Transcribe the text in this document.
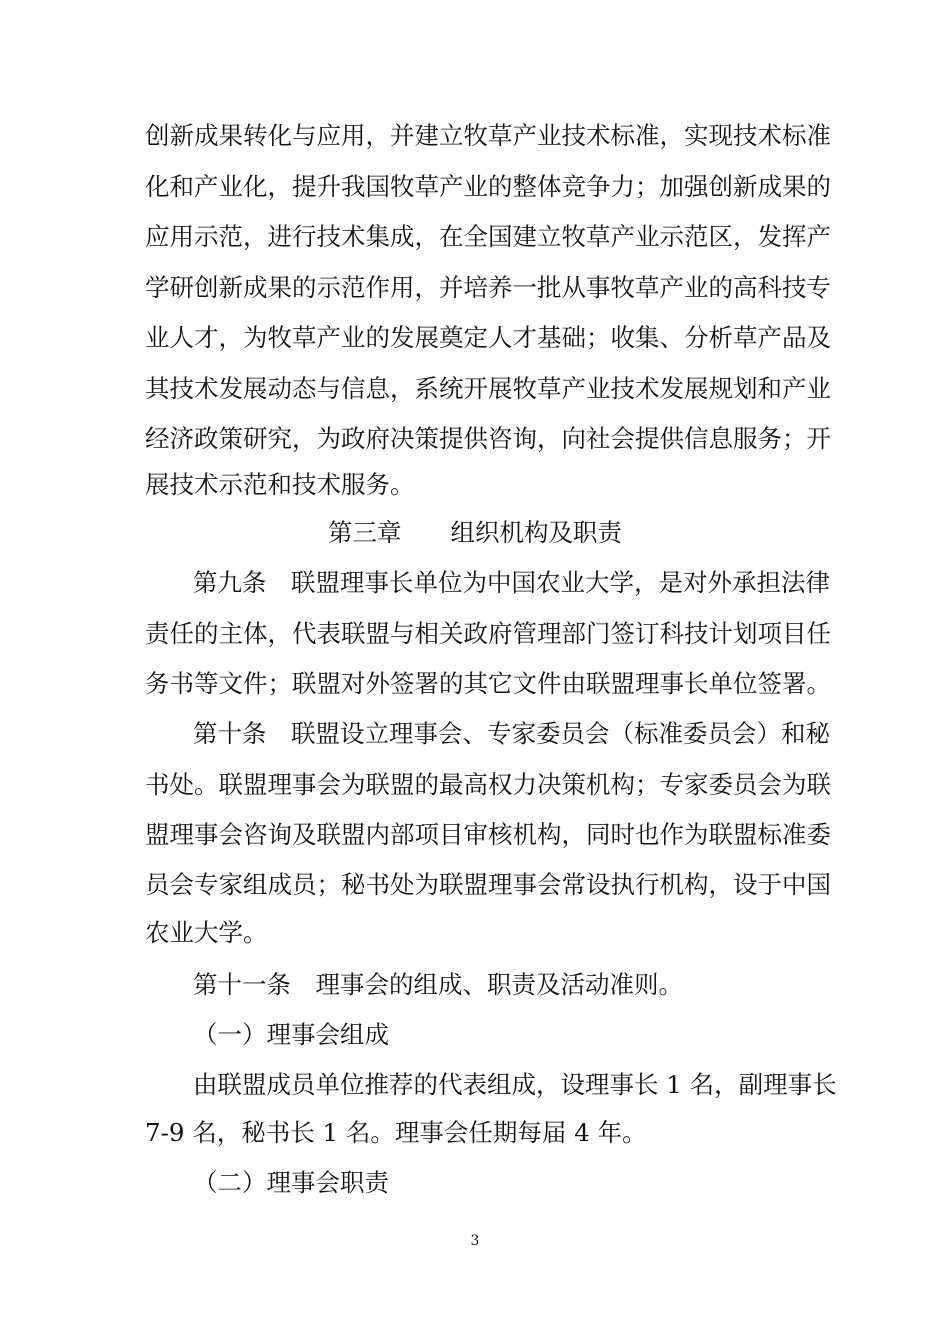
创新成果转化与应用，并建立牧草产业技术标准，实现技术标准
化和产业化，提升我国牧草产业的整体竞争力；加强创新成果的
应用示范，进行技术集成，在全国建立牧草产业示范区，发挥产
学研创新成果的示范作用，并培养一批从事牧草产业的高科技专
业人才，为牧草产业的发展奠定人才基础；收集、分析草产品及
其技术发展动态与信息，系统开展牧草产业技术发展规划和产业
经济政策研究，为政府决策提供咨询，向社会提供信息服务；开
展技术示范和技术服务。
第三章　　组织机构及职责
第九条　联盟理事长单位为中国农业大学，是对外承担法律
责任的主体，代表联盟与相关政府管理部门签订科技计划项目任
务书等文件；联盟对外签署的其它文件由联盟理事长单位签署。
第十条　联盟设立理事会、专家委员会（标准委员会）和秘
书处。联盟理事会为联盟的最高权力决策机构；专家委员会为联
盟理事会咨询及联盟内部项目审核机构，同时也作为联盟标准委
员会专家组成员；秘书处为联盟理事会常设执行机构，设于中国
农业大学。
第十一条　理事会的组成、职责及活动准则。
（一）理事会组成
由联盟成员单位推荐的代表组成，设理事长 1 名，副理事长
7-9 名，秘书长 1 名。理事会任期每届 4 年。
（二）理事会职责
3
